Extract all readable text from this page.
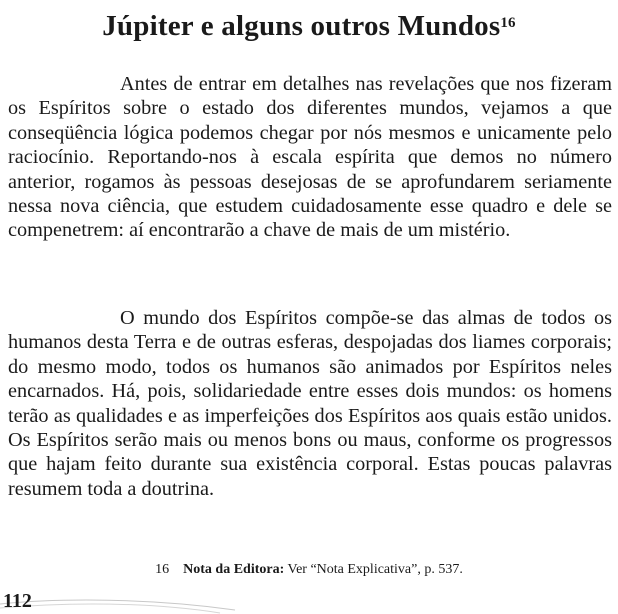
Júpiter e alguns outros Mundos$^{16}$

Antes de entrar em detalhes nas revelações que nos fizeram os Espíritos sobre o estado dos diferentes mundos, vejamos a que conseqüência lógica podemos chegar por nós mesmos e unicamente pelo raciocínio. Reportando-nos à escala espírita que demos no número anterior, rogamos às pessoas desejosas de se aprofundarem seriamente nessa nova ciência, que estudem cuidadosamente esse quadro e dele se compenetrem: aí encontrarão a chave de mais de um mistério.

O mundo dos Espíritos compõe-se das almas de todos os humanos desta Terra e de outras esferas, despojadas dos liames corporais; do mesmo modo, todos os humanos são animados por Espíritos neles encarnados. Há, pois, solidariedade entre esses dois mundos: os homens terão as qualidades e as imperfeições dos Espíritos aos quais estão unidos. Os Espíritos serão mais ou menos bons ou maus, conforme os progressos que hajam feito durante sua existência corporal. Estas poucas palavras resumem toda a doutrina.

16 Nota da Editora: Ver “Nota Explicativa”, p. 537.
112
